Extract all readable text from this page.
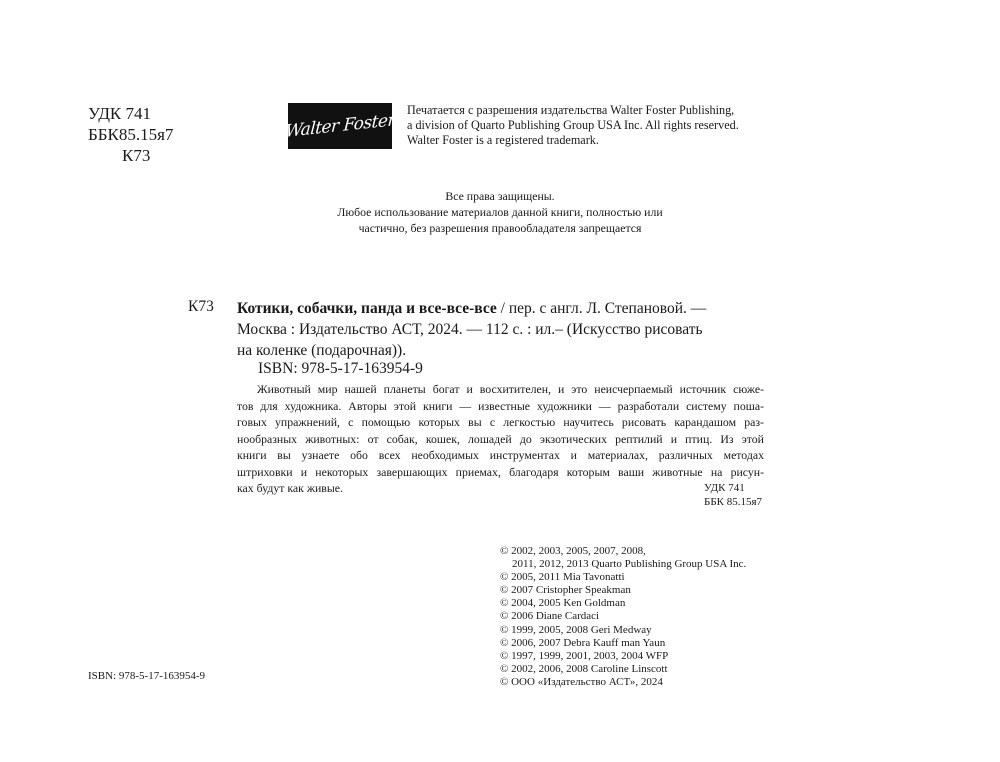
УДК 741
ББК85.15я7
К73
Walter Foster
Печатается с разрешения издательства Walter Foster Publishing,
a division of Quarto Publishing Group USA Inc. All rights reserved.
Walter Foster is a registered trademark.
Все права защищены.
Любое использование материалов данной книги, полностью или
частично, без разрешения правообладателя запрещается
К73 Котики, собачки, панда и все-все-все / пер. с англ. Л. Степановой. —
Москва : Издательство АСТ, 2024. — 112 с. : ил.– (Искусство рисовать
на коленке (подарочная)).
ISBN: 978-5-17-163954-9
Животный мир нашей планеты богат и восхитителен, и это неисчерпаемый источник сюже-
тов для художника. Авторы этой книги — известные художники — разработали систему поша-
говых упражнений, с помощью которых вы с легкостью научитесь рисовать карандашом раз-
нообразных животных: от собак, кошек, лошадей до экзотических рептилий и птиц. Из этой
книги вы узнаете обо всех необходимых инструментах и материалах, различных методах
штриховки и некоторых завершающих приемах, благодаря которым ваши животные на рисун-
ках будут как живые.	УДК 741
ББК 85.15я7
© 2002, 2003, 2005, 2007, 2008,
2011, 2012, 2013 Quarto Publishing Group USA Inc.
© 2005, 2011 Mia Tavonatti
© 2007 Cristopher Speakman
© 2004, 2005 Ken Goldman
© 2006 Diane Cardaci
© 1999, 2005, 2008 Geri Medway
© 2006, 2007 Debra Kauff man Yaun
© 1997, 1999, 2001, 2003, 2004 WFP
© 2002, 2006, 2008 Caroline Linscott
© ООО «Издательство АСТ», 2024
ISBN: 978-5-17-163954-9
